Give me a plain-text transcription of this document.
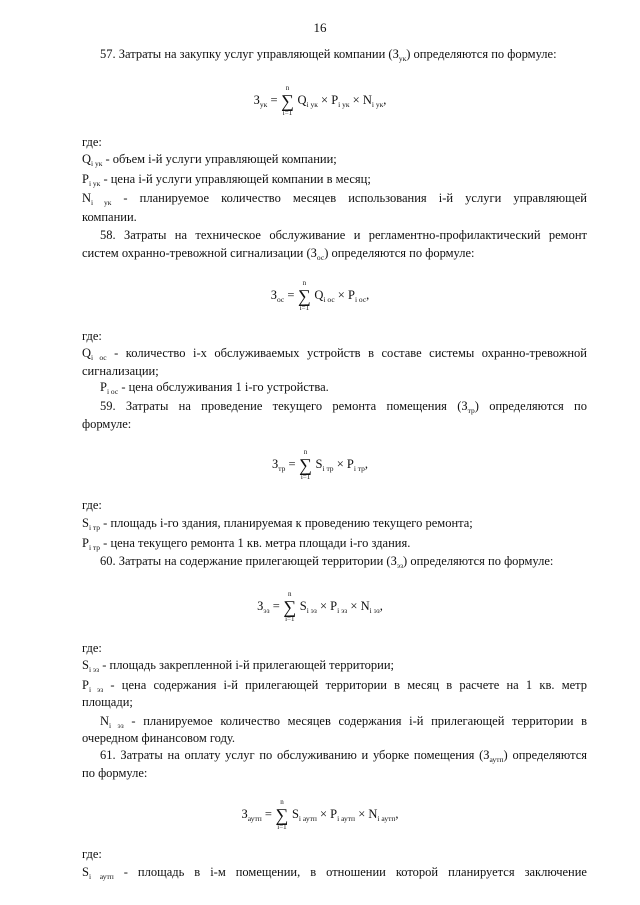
16
57. Затраты на закупку услуг управляющей компании $(З_{ук})$ определяются по формуле:
$З_{ук}$ =
n
∑
i=1
$Q_{i ук} \times P_{i ук} \times N_{i ук}$,
где:
$Q_{i ук}$ - объем i-й услуги управляющей компании;
$P_{i ук}$ - цена i-й услуги управляющей компании в месяц;
$N_{i ук}$ - планируемое количество месяцев использования i-й услуги управляющей
компании.
58. Затраты на техническое обслуживание и регламентно-профилактический ремонт
систем охранно-тревожной сигнализации $(З_{ос})$ определяются по формуле:
$З_{ос}$ =
n
∑
i=1
$Q_{i ос} \times P_{i ос}$,
где:
$Q_{i ос}$ - количество i-х обслуживаемых устройств в составе системы охранно-тревожной
сигнализации;
$P_{i ос}$ - цена обслуживания 1 i-го устройства.
59. Затраты на проведение текущего ремонта помещения $(З_{тр})$ определяются по
формуле:
$З_{тр}$ =
n
∑
i=1
$S_{i тр} \times P_{i тр}$,
где:
$S_{i тр}$ - площадь i-го здания, планируемая к проведению текущего ремонта;
$P_{i тр}$ - цена текущего ремонта 1 кв. метра площади i-го здания.
60. Затраты на содержание прилегающей территории $(З_{эз})$ определяются по формуле:
$З_{эз}$ =
n
∑
i=1
$S_{i эз} \times P_{i эз} \times N_{i эз}$,
где:
$S_{i эз}$ - площадь закрепленной i-й прилегающей территории;
$P_{i эз}$ - цена содержания i-й прилегающей территории в месяц в расчете на 1 кв. метр
площади;
$N_{i эз}$ - планируемое количество месяцев содержания i-й прилегающей территории в
очередном финансовом году.
61. Затраты на оплату услуг по обслуживанию и уборке помещения $(З_{аутп})$ определяются
по формуле:
$З_{аутп}$ =
n
∑
i=1
$S_{i аутп} \times P_{i аутп} \times N_{i аутп}$,
где:
$S_{i аутп}$ - площадь в i-м помещении, в отношении которой планируется заключение
